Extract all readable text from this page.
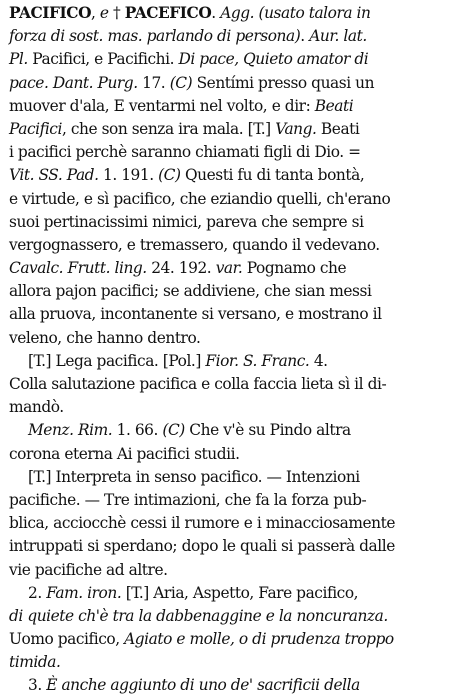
PACIFICO, e † PACEFICO. Agg. (usato talora in
forza di sost. mas. parlando di persona). Aur. lat.
Pl. Pacifici, e Pacifichi. Di pace, Quieto amator di
pace. Dant. Purg. 17. (C) Sentími presso quasi un
muover d'ala, E ventarmi nel volto, e dir: Beati
Pacifici, che son senza ira mala. [T.] Vang. Beati
i pacifici perchè saranno chiamati figli di Dio. =
Vit. SS. Pad. 1. 191. (C) Questi fu di tanta bontà,
e virtude, e sì pacifico, che eziandio quelli, ch'erano
suoi pertinacissimi nimici, pareva che sempre si
vergognassero, e tremassero, quando il vedevano.
Cavalc. Frutt. ling. 24. 192. var. Pognamo che
allora pajon pacifici; se addiviene, che sian messi
alla pruova, incontanente si versano, e mostrano il
veleno, che hanno dentro.
[T.] Lega pacifica. [Pol.] Fior. S. Franc. 4.
Colla salutazione pacifica e colla faccia lieta sì il di-
mandò.
Menz. Rim. 1. 66. (C) Che v'è su Pindo altra
corona eterna Ai pacifici studii.
[T.] Interpreta in senso pacifico. — Intenzioni
pacifiche. — Tre intimazioni, che fa la forza pub-
blica, acciocchè cessi il rumore e i minacciosamente
intruppati si sperdano; dopo le quali si passerà dalle
vie pacifiche ad altre.
2. Fam. iron. [T.] Aria, Aspetto, Fare pacifico,
di quiete ch'è tra la dabbenaggine e la noncuranza.
Uomo pacifico, Agiato e molle, o di prudenza troppo
timida.
3. È anche aggiunto di uno de' sacrificii della
